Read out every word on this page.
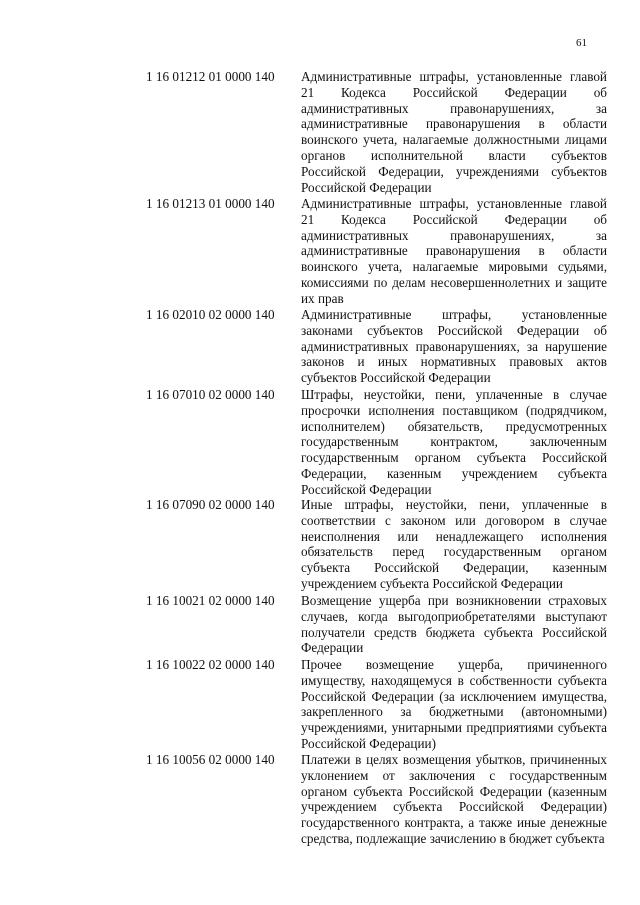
61
1 16 01212 01 0000 140 Административные штрафы, установленные главой 21 Кодекса Российской Федерации об административных правонарушениях, за административные правонарушения в области воинского учета, налагаемые должностными лицами органов исполнительной власти субъектов Российской Федерации, учреждениями субъектов Российской Федерации
1 16 01213 01 0000 140 Административные штрафы, установленные главой 21 Кодекса Российской Федерации об административных правонарушениях, за административные правонарушения в области воинского учета, налагаемые мировыми судьями, комиссиями по делам несовершеннолетних и защите их прав
1 16 02010 02 0000 140 Административные штрафы, установленные законами субъектов Российской Федерации об административных правонарушениях, за нарушение законов и иных нормативных правовых актов субъектов Российской Федерации
1 16 07010 02 0000 140 Штрафы, неустойки, пени, уплаченные в случае просрочки исполнения поставщиком (подрядчиком, исполнителем) обязательств, предусмотренных государственным контрактом, заключенным государственным органом субъекта Российской Федерации, казенным учреждением субъекта Российской Федерации
1 16 07090 02 0000 140 Иные штрафы, неустойки, пени, уплаченные в соответствии с законом или договором в случае неисполнения или ненадлежащего исполнения обязательств перед государственным органом субъекта Российской Федерации, казенным учреждением субъекта Российской Федерации
1 16 10021 02 0000 140 Возмещение ущерба при возникновении страховых случаев, когда выгодоприобретателями выступают получатели средств бюджета субъекта Российской Федерации
1 16 10022 02 0000 140 Прочее возмещение ущерба, причиненного имуществу, находящемуся в собственности субъекта Российской Федерации (за исключением имущества, закрепленного за бюджетными (автономными) учреждениями, унитарными предприятиями субъекта Российской Федерации)
1 16 10056 02 0000 140 Платежи в целях возмещения убытков, причиненных уклонением от заключения с государственным органом субъекта Российской Федерации (казенным учреждением субъекта Российской Федерации) государственного контракта, а также иные денежные средства, подлежащие зачислению в бюджет субъекта
